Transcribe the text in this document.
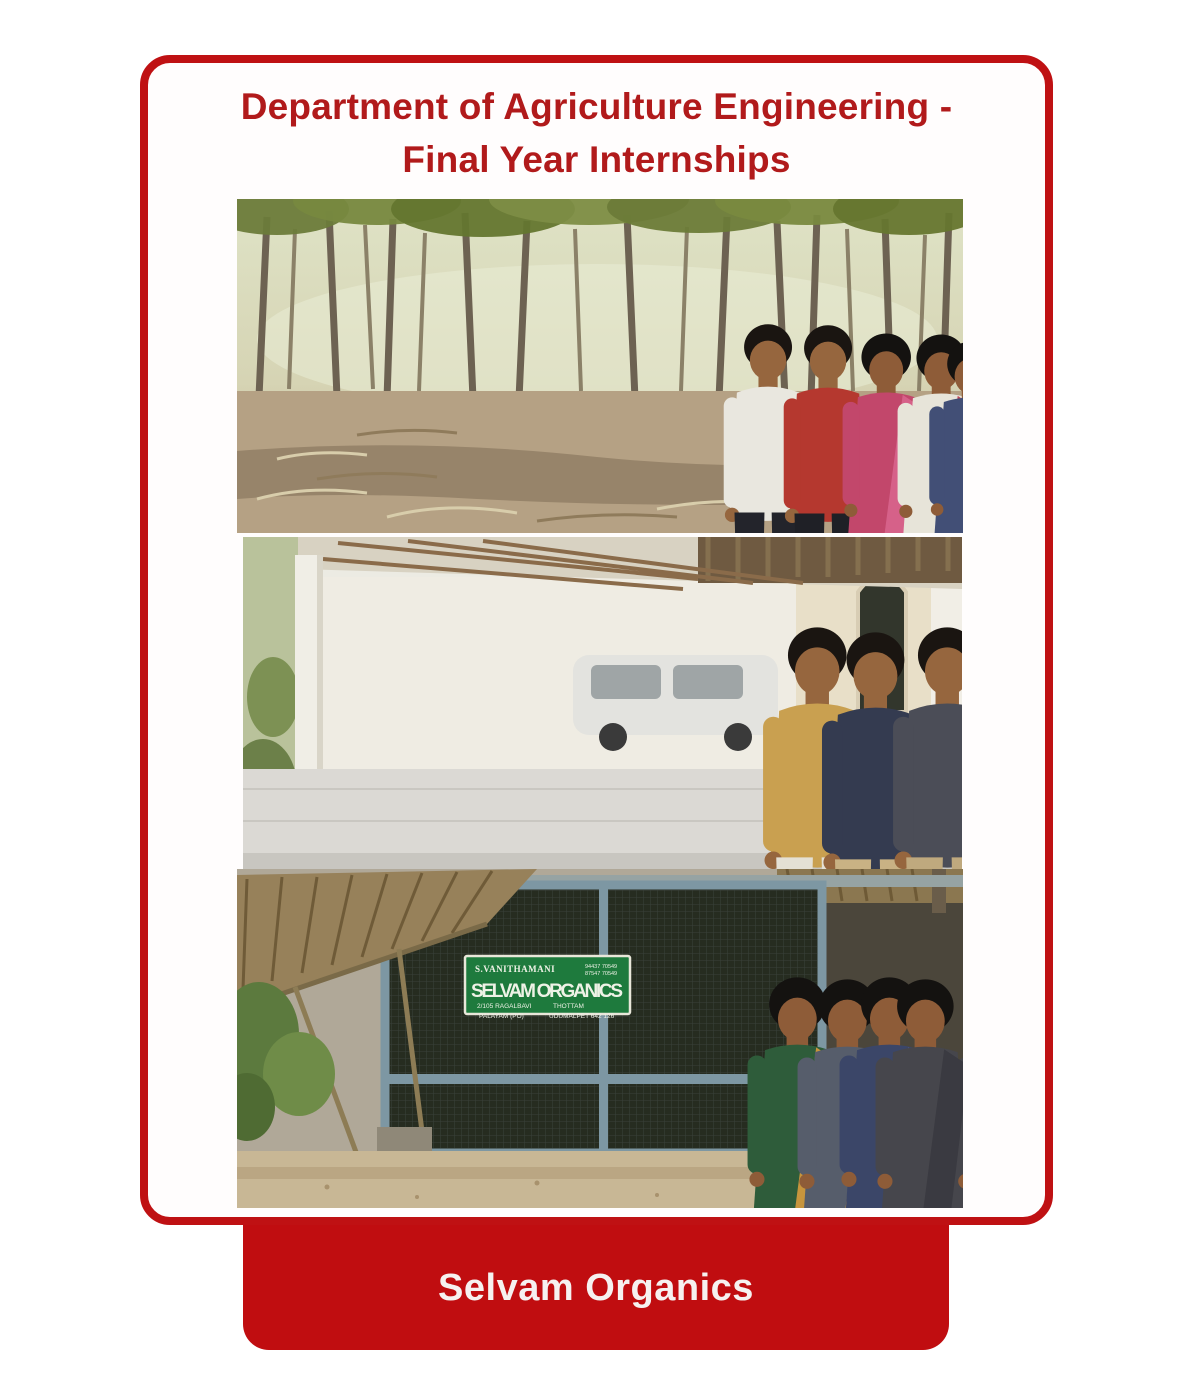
Department of Agriculture Engineering -
Final Year Internships
S.VANITHAMANI	94437 70549
87547 70549
SELVAM ORGANICS
2/105 RAGALBAVI	THOTTAM
PALAYAM (PO)	UDUMALPET 642 126
Selvam Organics
